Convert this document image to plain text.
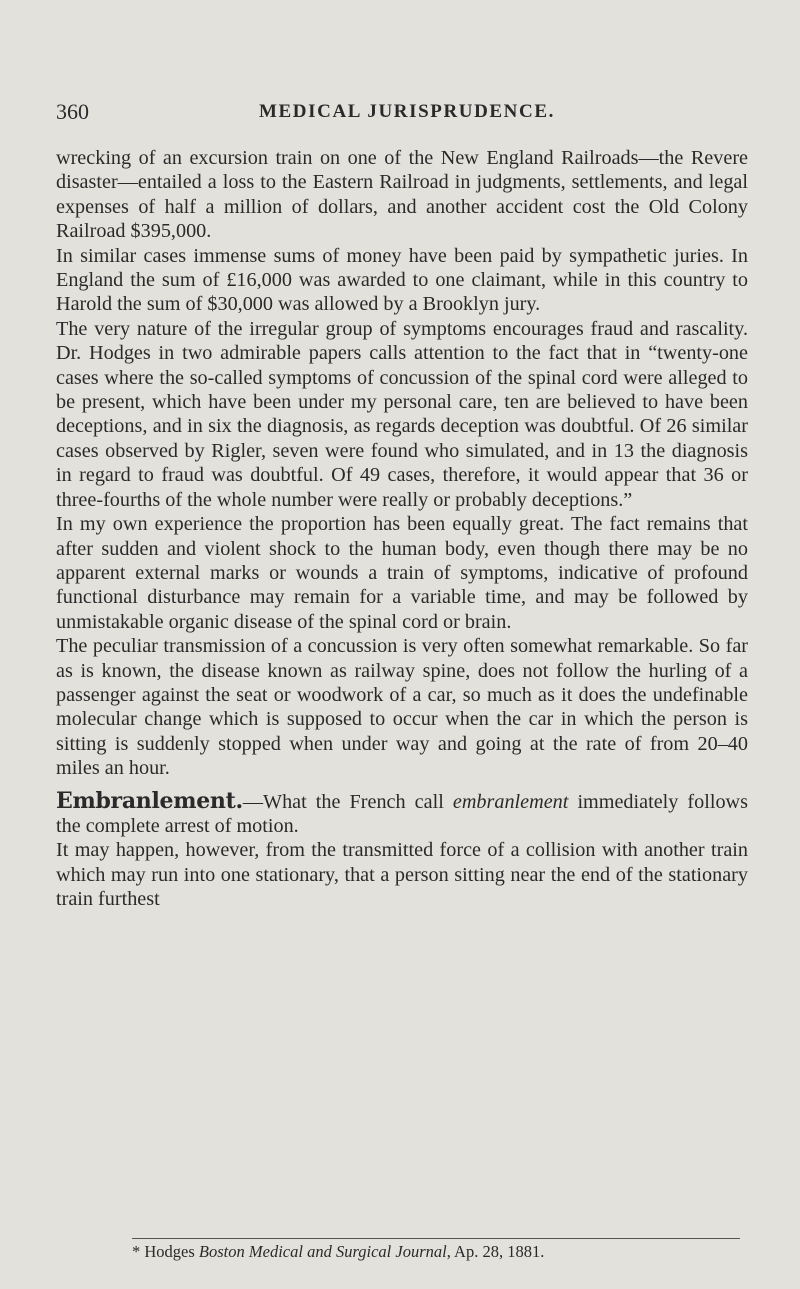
360	MEDICAL JURISPRUDENCE.

wrecking of an excursion train on one of the New England Railroads—the Revere disaster—entailed a loss to the Eastern Railroad in judgments, settlements, and legal expenses of half a million of dollars, and another accident cost the Old Colony Railroad $395,000.

In similar cases immense sums of money have been paid by sympathetic juries. In England the sum of £16,000 was awarded to one claimant, while in this country to Harold the sum of $30,000 was allowed by a Brooklyn jury.

The very nature of the irregular group of symptoms encourages fraud and rascality. Dr. Hodges in two admirable papers calls attention to the fact that in “twenty-one cases where the so-called symptoms of concussion of the spinal cord were alleged to be present, which have been under my personal care, ten are believed to have been deceptions, and in six the diagnosis, as regards deception was doubtful. Of 26 similar cases observed by Rigler, seven were found who simulated, and in 13 the diagnosis in regard to fraud was doubtful. Of 49 cases, therefore, it would appear that 36 or three-fourths of the whole number were really or probably deceptions.”

In my own experience the proportion has been equally great. The fact remains that after sudden and violent shock to the human body, even though there may be no apparent external marks or wounds a train of symptoms, indicative of profound functional disturbance may remain for a variable time, and may be followed by unmistakable organic disease of the spinal cord or brain.

The peculiar transmission of a concussion is very often somewhat remarkable. So far as is known, the disease known as railway spine, does not follow the hurling of a passenger against the seat or woodwork of a car, so much as it does the undefinable molecular change which is supposed to occur when the car in which the person is sitting is suddenly stopped when under way and going at the rate of from 20–40 miles an hour.

Embranlement.—What the French call embranlement immediately follows the complete arrest of motion.

It may happen, however, from the transmitted force of a collision with another train which may run into one stationary, that a person sitting near the end of the stationary train furthest

* Hodges Boston Medical and Surgical Journal, Ap. 28, 1881.
